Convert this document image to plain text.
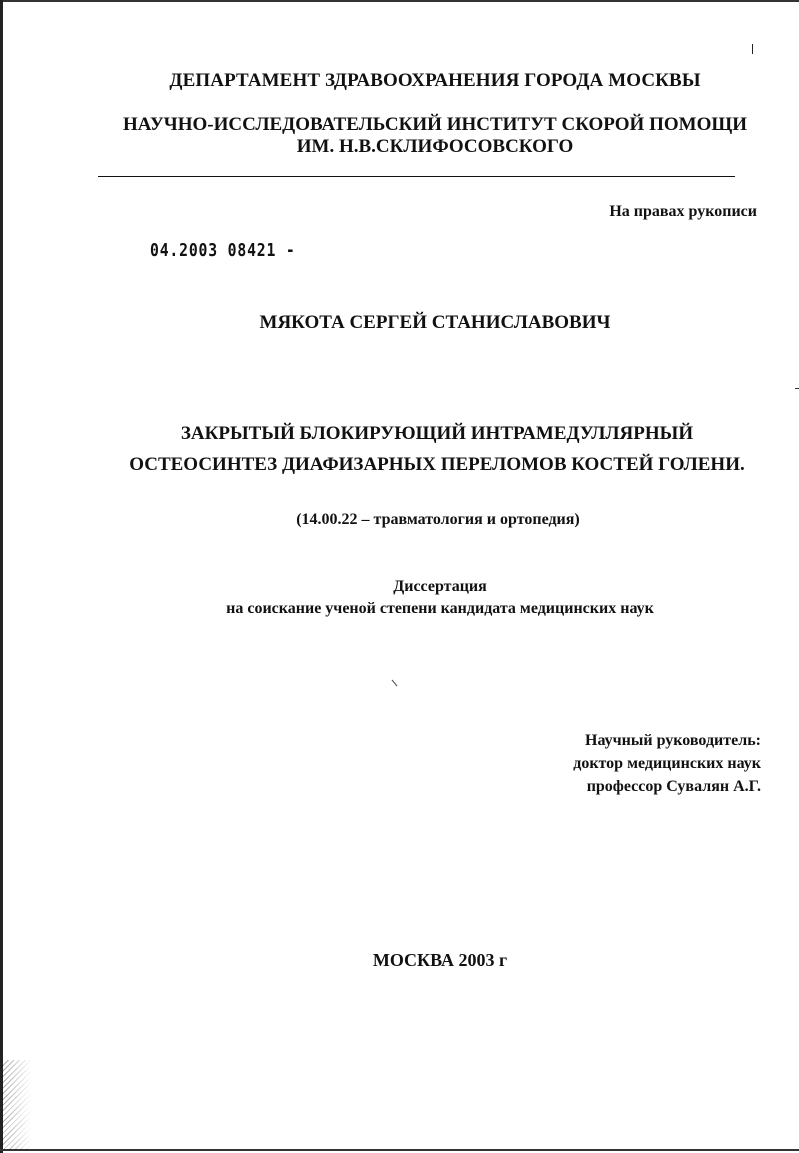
ДЕПАРТАМЕНТ ЗДРАВООХРАНЕНИЯ ГОРОДА МОСКВЫ
НАУЧНО-ИССЛЕДОВАТЕЛЬСКИЙ ИНСТИТУТ СКОРОЙ ПОМОЩИ
ИМ. Н.В.СКЛИФОСОВСКОГО
На правах рукописи
04.2003 08421 -
МЯКОТА СЕРГЕЙ СТАНИСЛАВОВИЧ
ЗАКРЫТЫЙ БЛОКИРУЮЩИЙ ИНТРАМЕДУЛЛЯРНЫЙ
ОСТЕОСИНТЕЗ ДИАФИЗАРНЫХ ПЕРЕЛОМОВ КОСТЕЙ ГОЛЕНИ.
(14.00.22 – травматология и ортопедия)
Диссертация
на соискание ученой степени кандидата медицинских наук
Научный руководитель:
доктор медицинских наук
профессор Сувалян А.Г.
МОСКВА 2003 г
